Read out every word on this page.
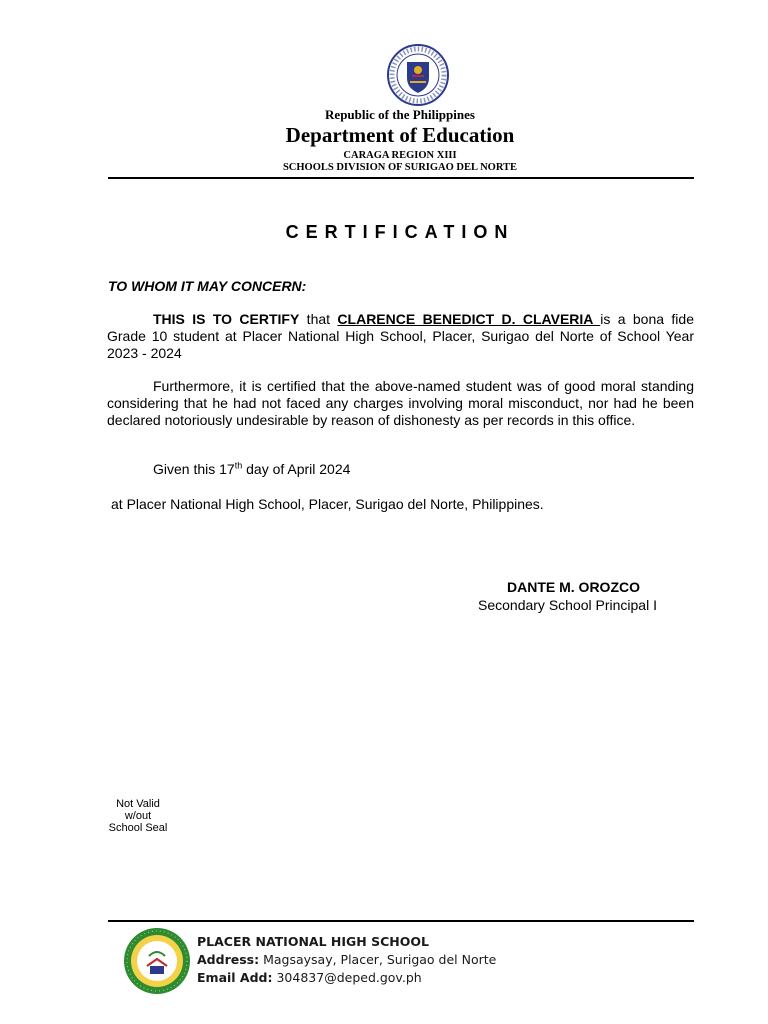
Republic of the Philippines
Department of Education
CARAGA REGION XIII
SCHOOLS DIVISION OF SURIGAO DEL NORTE
CERTIFICATION
TO WHOM IT MAY CONCERN:
THIS IS TO CERTIFY that CLARENCE BENEDICT D. CLAVERIA is a bona fide Grade 10 student at Placer National High School, Placer, Surigao del Norte of School Year 2023 - 2024
Furthermore, it is certified that the above-named student was of good moral standing considering that he had not faced any charges involving moral misconduct, nor had he been declared notoriously undesirable by reason of dishonesty as per records in this office.
Given this 17th day of April 2024
at Placer National High School, Placer, Surigao del Norte, Philippines.
DANTE M. OROZCO
Secondary School Principal I
Not Valid
w/out
School Seal
PLACER NATIONAL HIGH SCHOOL
Address: Magsaysay, Placer, Surigao del Norte
Email Add: 304837@deped.gov.ph
